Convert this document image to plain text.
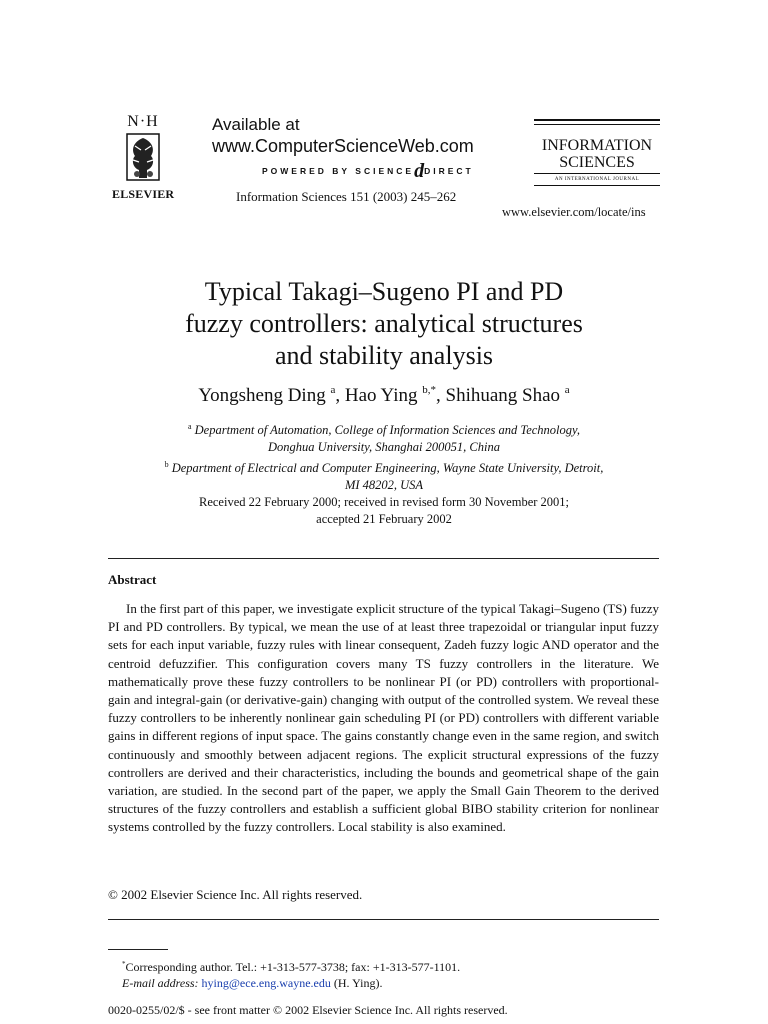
N·H
ELSEVIER
Available at
www.ComputerScienceWeb.com
POWERED BY SCIENCEdDIRECT
Information Sciences 151 (2003) 245–262
INFORMATION
SCIENCES
AN INTERNATIONAL JOURNAL
www.elsevier.com/locate/ins
Typical Takagi–Sugeno PI and PD
fuzzy controllers: analytical structures
and stability analysis
Yongsheng Ding $^a$, Hao Ying $^{b,*}$, Shihuang Shao $^a$
$^a$ Department of Automation, College of Information Sciences and Technology,
Donghua University, Shanghai 200051, China
$^b$ Department of Electrical and Computer Engineering, Wayne State University, Detroit,
MI 48202, USA
Received 22 February 2000; received in revised form 30 November 2001;
accepted 21 February 2002
Abstract
In the first part of this paper, we investigate explicit structure of the typical Takagi–Sugeno (TS) fuzzy PI and PD controllers. By typical, we mean the use of at least three trapezoidal or triangular input fuzzy sets for each input variable, fuzzy rules with linear consequent, Zadeh fuzzy logic AND operator and the centroid defuzzifier. This configuration covers many TS fuzzy controllers in the literature. We mathematically prove these fuzzy controllers to be nonlinear PI (or PD) controllers with proportional-gain and integral-gain (or derivative-gain) changing with output of the controlled system. We reveal these fuzzy controllers to be inherently nonlinear gain scheduling PI (or PD) controllers with different variable gains in different regions of input space. The gains constantly change even in the same region, and switch continuously and smoothly between adjacent regions. The explicit structural expressions of the fuzzy controllers are derived and their characteristics, including the bounds and geometrical shape of the gain variation, are studied. In the second part of the paper, we apply the Small Gain Theorem to the derived structures of the fuzzy controllers and establish a sufficient global BIBO stability criterion for nonlinear systems controlled by the fuzzy controllers. Local stability is also examined.
© 2002 Elsevier Science Inc. All rights reserved.
*Corresponding author. Tel.: +1-313-577-3738; fax: +1-313-577-1101.
E-mail address: hying@ece.eng.wayne.edu (H. Ying).
0020-0255/02/$ - see front matter © 2002 Elsevier Science Inc. All rights reserved.
